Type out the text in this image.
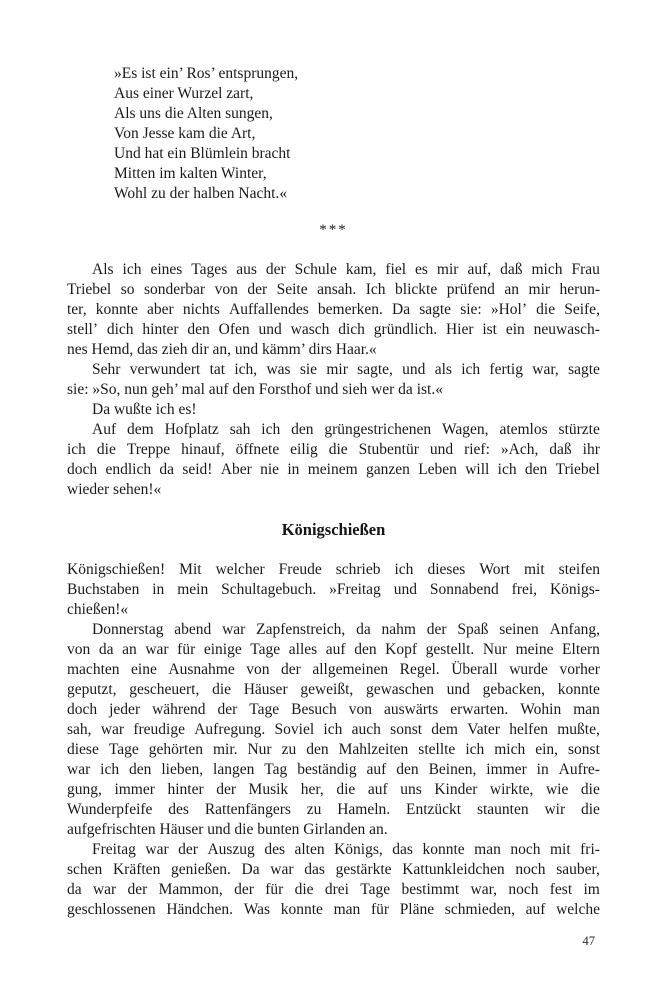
»Es ist ein’ Ros’ entsprungen,
Aus einer Wurzel zart,
Als uns die Alten sungen,
Von Jesse kam die Art,
Und hat ein Blümlein bracht
Mitten im kalten Winter,
Wohl zu der halben Nacht.«
***
Als ich eines Tages aus der Schule kam, fiel es mir auf, daß mich Frau
Triebel so sonderbar von der Seite ansah. Ich blickte prüfend an mir herun-
ter, konnte aber nichts Auffallendes bemerken. Da sagte sie: »Hol’ die Seife,
stell’ dich hinter den Ofen und wasch dich gründlich. Hier ist ein neuwasch-
nes Hemd, das zieh dir an, und kämm’ dirs Haar.«
Sehr verwundert tat ich, was sie mir sagte, und als ich fertig war, sagte
sie: »So, nun geh’ mal auf den Forsthof und sieh wer da ist.«
Da wußte ich es!
Auf dem Hofplatz sah ich den grüngestrichenen Wagen, atemlos stürzte
ich die Treppe hinauf, öffnete eilig die Stubentür und rief: »Ach, daß ihr
doch endlich da seid! Aber nie in meinem ganzen Leben will ich den Triebel
wieder sehen!«
Königschießen
Königschießen! Mit welcher Freude schrieb ich dieses Wort mit steifen
Buchstaben in mein Schultagebuch. »Freitag und Sonnabend frei, Königs-
chießen!«
Donnerstag abend war Zapfenstreich, da nahm der Spaß seinen Anfang,
von da an war für einige Tage alles auf den Kopf gestellt. Nur meine Eltern
machten eine Ausnahme von der allgemeinen Regel. Überall wurde vorher
geputzt, gescheuert, die Häuser geweißt, gewaschen und gebacken, konnte
doch jeder während der Tage Besuch von auswärts erwarten. Wohin man
sah, war freudige Aufregung. Soviel ich auch sonst dem Vater helfen mußte,
diese Tage gehörten mir. Nur zu den Mahlzeiten stellte ich mich ein, sonst
war ich den lieben, langen Tag beständig auf den Beinen, immer in Aufre-
gung, immer hinter der Musik her, die auf uns Kinder wirkte, wie die
Wunderpfeife des Rattenfängers zu Hameln. Entzückt staunten wir die
aufgefrischten Häuser und die bunten Girlanden an.
Freitag war der Auszug des alten Königs, das konnte man noch mit fri-
schen Kräften genießen. Da war das gestärkte Kattunkleidchen noch sauber,
da war der Mammon, der für die drei Tage bestimmt war, noch fest im
geschlossenen Händchen. Was konnte man für Pläne schmieden, auf welche
47
